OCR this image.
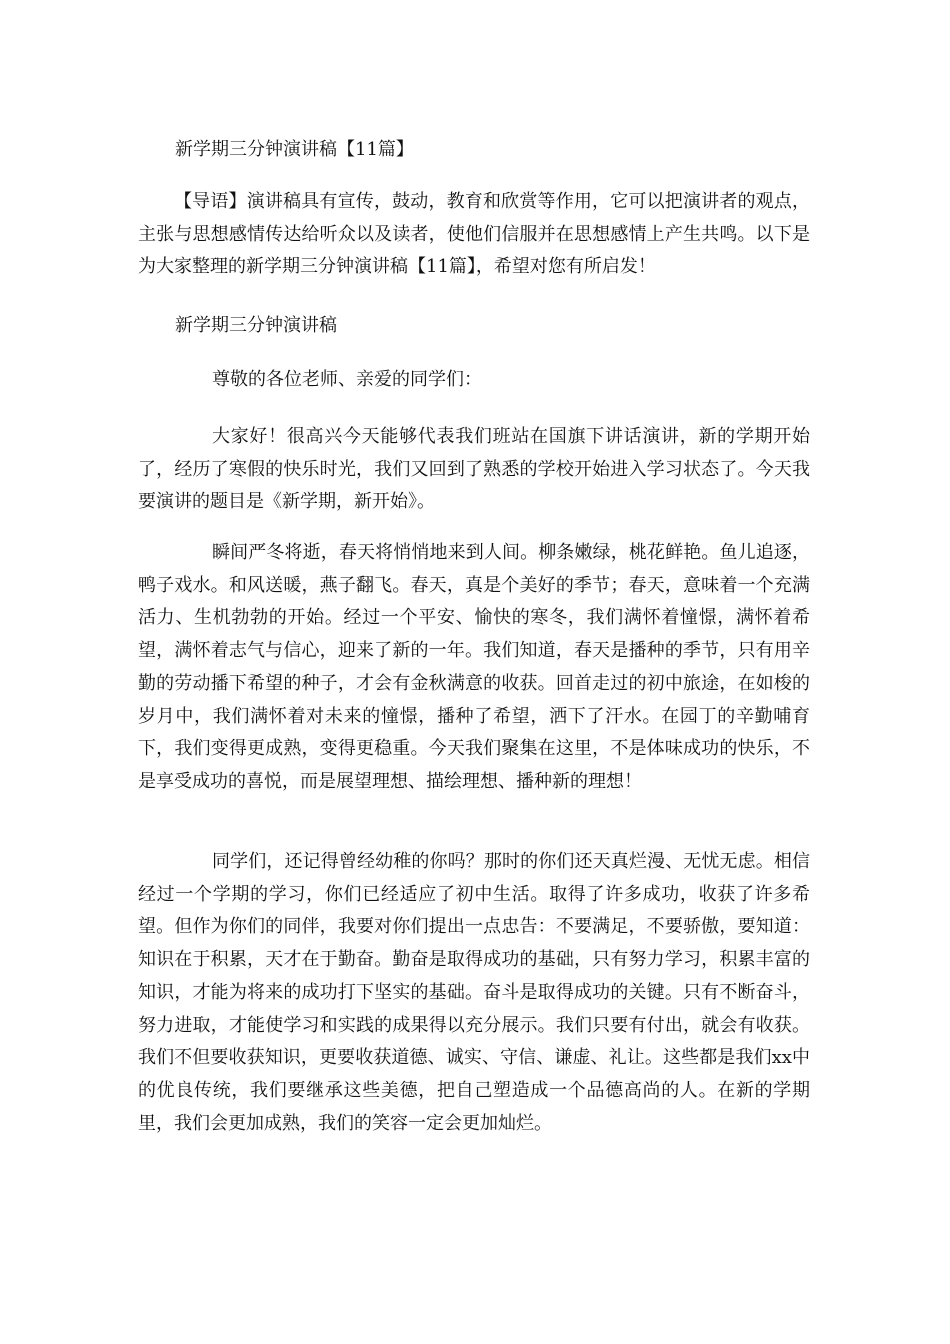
新学期三分钟演讲稿【11篇】

【导语】演讲稿具有宣传，鼓动，教育和欣赏等作用，它可以把演讲者的观点，主张与思想感情传达给听众以及读者，使他们信服并在思想感情上产生共鸣。以下是为大家整理的新学期三分钟演讲稿【11篇】，希望对您有所启发！

新学期三分钟演讲稿

尊敬的各位老师、亲爱的同学们：

大家好！很高兴今天能够代表我们班站在国旗下讲话演讲，新的学期开始了，经历了寒假的快乐时光，我们又回到了熟悉的学校开始进入学习状态了。今天我要演讲的题目是《新学期，新开始》。

瞬间严冬将逝，春天将悄悄地来到人间。柳条嫩绿，桃花鲜艳。鱼儿追逐，鸭子戏水。和风送暖，燕子翻飞。春天，真是个美好的季节；春天，意味着一个充满活力、生机勃勃的开始。经过一个平安、愉快的寒冬，我们满怀着憧憬，满怀着希望，满怀着志气与信心，迎来了新的一年。我们知道，春天是播种的季节，只有用辛勤的劳动播下希望的种子，才会有金秋满意的收获。回首走过的初中旅途，在如梭的岁月中，我们满怀着对未来的憧憬，播种了希望，洒下了汗水。在园丁的辛勤哺育下，我们变得更成熟，变得更稳重。今天我们聚集在这里，不是体味成功的快乐，不是享受成功的喜悦，而是展望理想、描绘理想、播种新的理想！

同学们，还记得曾经幼稚的你吗？那时的你们还天真烂漫、无忧无虑。相信经过一个学期的学习，你们已经适应了初中生活。取得了许多成功，收获了许多希望。但作为你们的同伴，我要对你们提出一点忠告：不要满足，不要骄傲，要知道：知识在于积累，天才在于勤奋。勤奋是取得成功的基础，只有努力学习，积累丰富的知识，才能为将来的成功打下坚实的基础。奋斗是取得成功的关键。只有不断奋斗，努力进取，才能使学习和实践的成果得以充分展示。我们只要有付出，就会有收获。我们不但要收获知识，更要收获道德、诚实、守信、谦虚、礼让。这些都是我们xx中的优良传统，我们要继承这些美德，把自己塑造成一个品德高尚的人。在新的学期里，我们会更加成熟，我们的笑容一定会更加灿烂。
